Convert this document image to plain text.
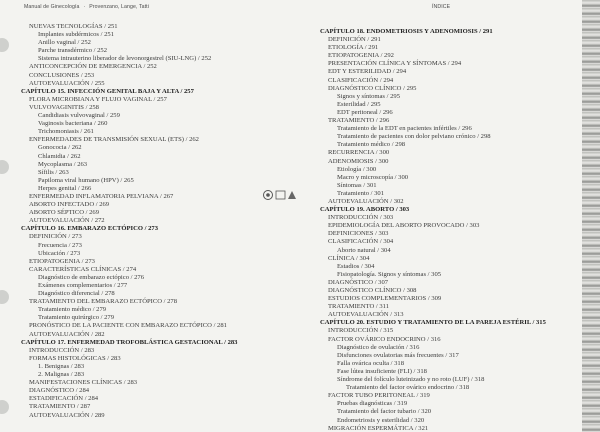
Manual de Ginecología · Provenzano, Lange, Tatti	ÍNDICE
NUEVAS TECNOLOGÍAS / 251
Implantes subdérmicos / 251
Anillo vaginal / 252
Parche transdérmico / 252
Sistema intrauterino liberador de levonorgestrel (SIU-LNG) / 252
ANTICONCEPCIÓN DE EMERGENCIA / 252
CONCLUSIONES / 253
AUTOEVALUACIÓN / 255
CAPÍTULO 15. INFECCIÓN GENITAL BAJA Y ALTA / 257
FLORA MICROBIANA Y FLUJO VAGINAL / 257
VULVOVAGINITIS / 258
Candidiasis vulvovaginal / 259
Vaginosis bacteriana / 260
Trichomoniasis / 261
ENFERMEDADES DE TRANSMISIÓN SEXUAL (ETS) / 262
Gonococia / 262
Chlamidia / 262
Mycoplasma / 263
Sífilis / 263
Papiloma viral humano (HPV) / 265
Herpes genital / 266
ENFERMEDAD INFLAMATORIA PELVIANA / 267
ABORTO INFECTADO / 269
ABORTO SÉPTICO / 269
AUTOEVALUACIÓN / 272
CAPÍTULO 16. EMBARAZO ECTÓPICO / 273
DEFINICIÓN / 273
Frecuencia / 273
Ubicación / 273
ETIOPATOGENIA / 273
CARACTERÍSTICAS CLÍNICAS / 274
Diagnóstico de embarazo ectópico / 276
Exámenes complementarios / 277
Diagnóstico diferencial / 278
TRATAMIENTO DEL EMBARAZO ECTÓPICO / 278
Tratamiento médico / 279
Tratamiento quirúrgico / 279
PRONÓSTICO DE LA PACIENTE CON EMBARAZO ECTÓPICO / 281
AUTOEVALUACIÓN / 282
CAPÍTULO 17. ENFERMEDAD TROFOBLÁSTICA GESTACIONAL / 283
INTRODUCCIÓN / 283
FORMAS HISTOLÓGICAS / 283
1. Benignas / 283
2. Malignas / 283
MANIFESTACIONES CLÍNICAS / 283
DIAGNÓSTICO / 284
ESTADIFICACIÓN / 284
TRATAMIENTO / 287
AUTOEVALUACIÓN / 289
CAPÍTULO 18. ENDOMETRIOSIS Y ADENOMIOSIS / 291
DEFINICIÓN / 291
ETIOLOGÍA / 291
ETIOPATOGENIA / 292
PRESENTACIÓN CLÍNICA Y SÍNTOMAS / 294
EDT Y ESTERILIDAD / 294
CLASIFICACIÓN / 294
DIAGNÓSTICO CLÍNICO / 295
Signos y síntomas / 295
Esterilidad / 295
EDT peritoneal / 296
TRATAMIENTO / 296
Tratamiento de la EDT en pacientes infértiles / 296
Tratamiento de pacientes con dolor pelviano crónico / 298
Tratamiento médico / 298
RECURRENCIA / 300
ADENOMIOSIS / 300
Etiología / 300
Macro y microscopía / 300
Síntomas / 301
Tratamiento / 301
AUTOEVALUACIÓN / 302
CAPÍTULO 19. ABORTO / 303
INTRODUCCIÓN / 303
EPIDEMIOLOGÍA DEL ABORTO PROVOCADO / 303
DEFINICIONES / 303
CLASIFICACIÓN / 304
Aborto natural / 304
CLÍNICA / 304
Estadios / 304
Fisiopatología. Signos y síntomas / 305
DIAGNÓSTICO / 307
DIAGNÓSTICO CLÍNICO / 308
ESTUDIOS COMPLEMENTARIOS / 309
TRATAMIENTO / 311
AUTOEVALUACIÓN / 313
CAPÍTULO 20. ESTUDIO Y TRATAMIENTO DE LA PAREJA ESTÉRIL / 315
INTRODUCCIÓN / 315
FACTOR OVÁRICO ENDOCRINO / 316
Diagnóstico de ovulación / 316
Disfunciones ovulatorias más frecuentes / 317
Falla ovárica oculta / 318
Fase lútea insuficiente (FLI) / 318
Síndrome del folículo luteinizado y no roto (LUF) / 318
Tratamiento del factor ovárico endocrino / 318
FACTOR TUBO PERITONEAL / 319
Pruebas diagnósticas / 319
Tratamiento del factor tubario / 320
Endometriosis y esterilidad / 320
MIGRACIÓN ESPERMÁTICA / 321
